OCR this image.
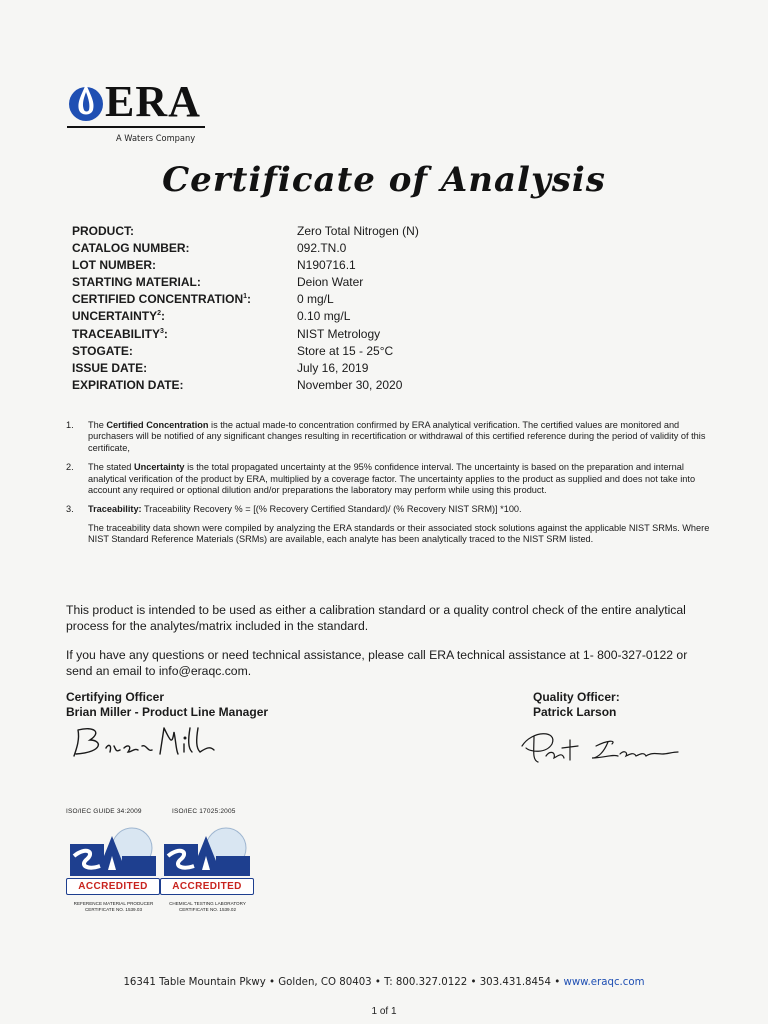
ERA
A Waters Company
Certificate of Analysis
PRODUCT:	Zero Total Nitrogen (N)
CATALOG NUMBER:	092.TN.0
LOT NUMBER:	N190716.1
STARTING MATERIAL:	Deion Water
CERTIFIED CONCENTRATION$^1$:	0 mg/L
UNCERTAINTY$^2$:	0.10 mg/L
TRACEABILITY$^3$:	NIST Metrology
STOGATE:	Store at 15 - 25°C
ISSUE DATE:	July 16, 2019
EXPIRATION DATE:	November 30, 2020
1. The Certified Concentration is the actual made-to concentration confirmed by ERA analytical verification. The certified values are monitored and purchasers will be notified of any significant changes resulting in recertification or withdrawal of this certified reference during the period of validity of this certificate,

2. The stated Uncertainty is the total propagated uncertainty at the 95% confidence interval. The uncertainty is based on the preparation and internal analytical verification of the product by ERA, multiplied by a coverage factor. The uncertainty applies to the product as supplied and does not take into account any required or optional dilution and/or preparations the laboratory may perform while using this product.

3. Traceability: Traceability Recovery % = [(% Recovery Certified Standard)/ (% Recovery NIST SRM)] *100.

The traceability data shown were compiled by analyzing the ERA standards or their associated stock solutions against the applicable NIST SRMs. Where NIST Standard Reference Materials (SRMs) are available, each analyte has been analytically traced to the NIST SRM listed.

This product is intended to be used as either a calibration standard or a quality control check of the entire analytical process for the analytes/matrix included in the standard.
If you have any questions or need technical assistance, please call ERA technical assistance at 1- 800-327-0122 or send an email to info@eraqc.com.
Certifying Officer
Brian Miller - Product Line Manager
Quality Officer:
Patrick Larson
ISO/IEC GUIDE 34:2009
ACCREDITED
REFERENCE MATERIAL PRODUCER
CERTIFICATE NO. 1539.03
ISO/IEC 17025:2005
ACCREDITED
CHEMICAL TESTING LABORATORY
CERTIFICATE NO. 1539.02
16341 Table Mountain Pkwy • Golden, CO 80403 • T: 800.327.0122 • 303.431.8454 • www.eraqc.com
1 of 1
